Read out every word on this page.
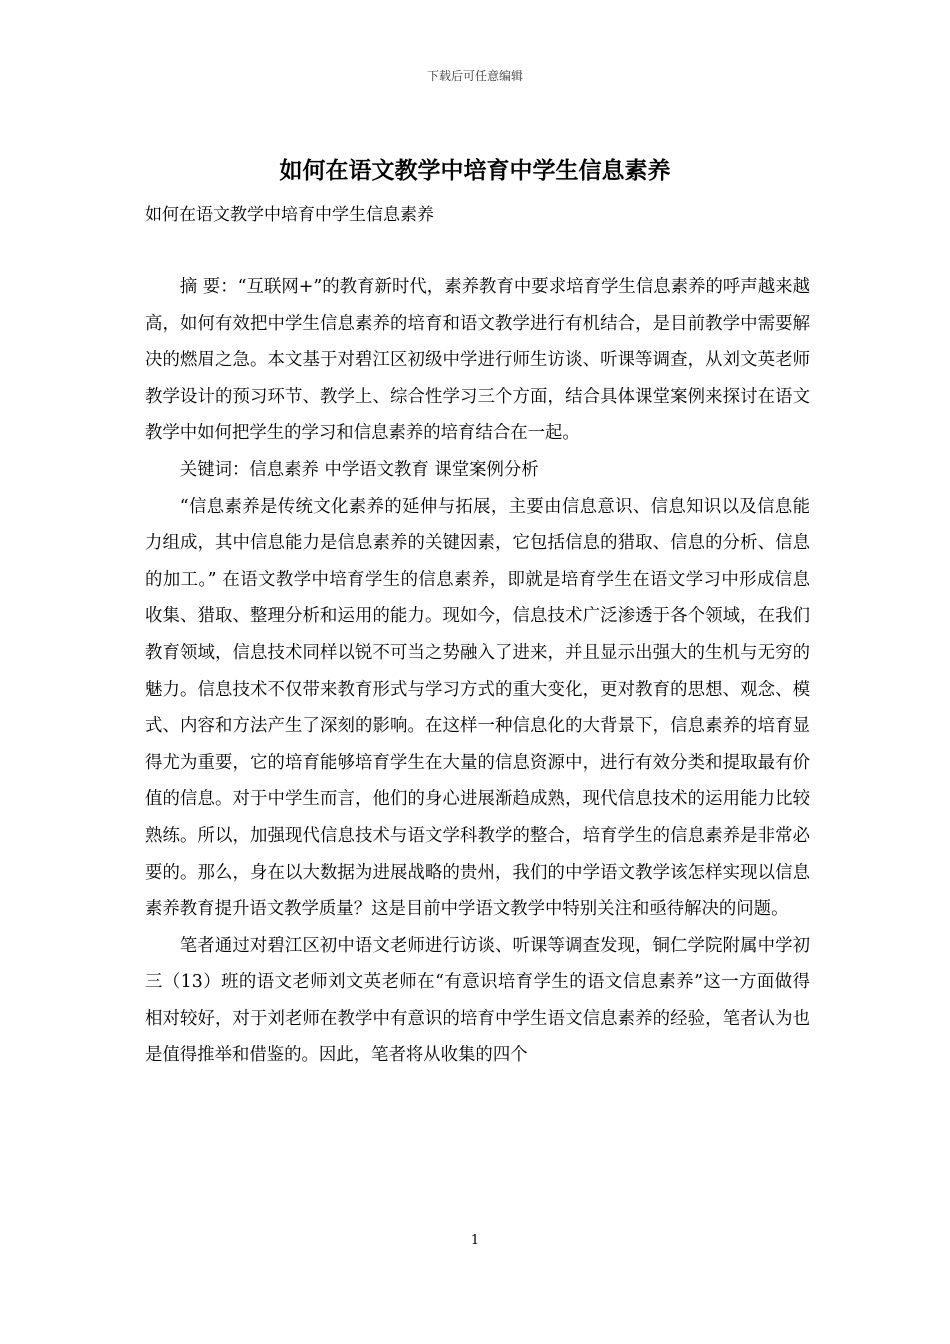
下载后可任意编辑
如何在语文教学中培育中学生信息素养

如何在语文教学中培育中学生信息素养

摘 要：“互联网+”的教育新时代，素养教育中要求培育学生信息素养的呼声越来越高，如何有效把中学生信息素养的培育和语文教学进行有机结合，是目前教学中需要解决的燃眉之急。本文基于对碧江区初级中学进行师生访谈、听课等调查，从刘文英老师教学设计的预习环节、教学上、综合性学习三个方面，结合具体课堂案例来探讨在语文教学中如何把学生的学习和信息素养的培育结合在一起。

关键词：信息素养 中学语文教育 课堂案例分析

“信息素养是传统文化素养的延伸与拓展，主要由信息意识、信息知识以及信息能力组成，其中信息能力是信息素养的关键因素，它包括信息的猎取、信息的分析、信息的加工。” 在语文教学中培育学生的信息素养，即就是培育学生在语文学习中形成信息收集、猎取、整理分析和运用的能力。现如今，信息技术广泛渗透于各个领域，在我们教育领域，信息技术同样以锐不可当之势融入了进来，并且显示出强大的生机与无穷的魅力。信息技术不仅带来教育形式与学习方式的重大变化，更对教育的思想、观念、模式、内容和方法产生了深刻的影响。在这样一种信息化的大背景下，信息素养的培育显得尤为重要，它的培育能够培育学生在大量的信息资源中，进行有效分类和提取最有价值的信息。对于中学生而言，他们的身心进展渐趋成熟，现代信息技术的运用能力比较熟练。所以，加强现代信息技术与语文学科教学的整合，培育学生的信息素养是非常必要的。那么，身在以大数据为进展战略的贵州，我们的中学语文教学该怎样实现以信息素养教育提升语文教学质量？这是目前中学语文教学中特别关注和亟待解决的问题。

笔者通过对碧江区初中语文老师进行访谈、听课等调查发现，铜仁学院附属中学初三（13）班的语文老师刘文英老师在“有意识培育学生的语文信息素养”这一方面做得相对较好，对于刘老师在教学中有意识的培育中学生语文信息素养的经验，笔者认为也是值得推举和借鉴的。因此，笔者将从收集的四个

1
